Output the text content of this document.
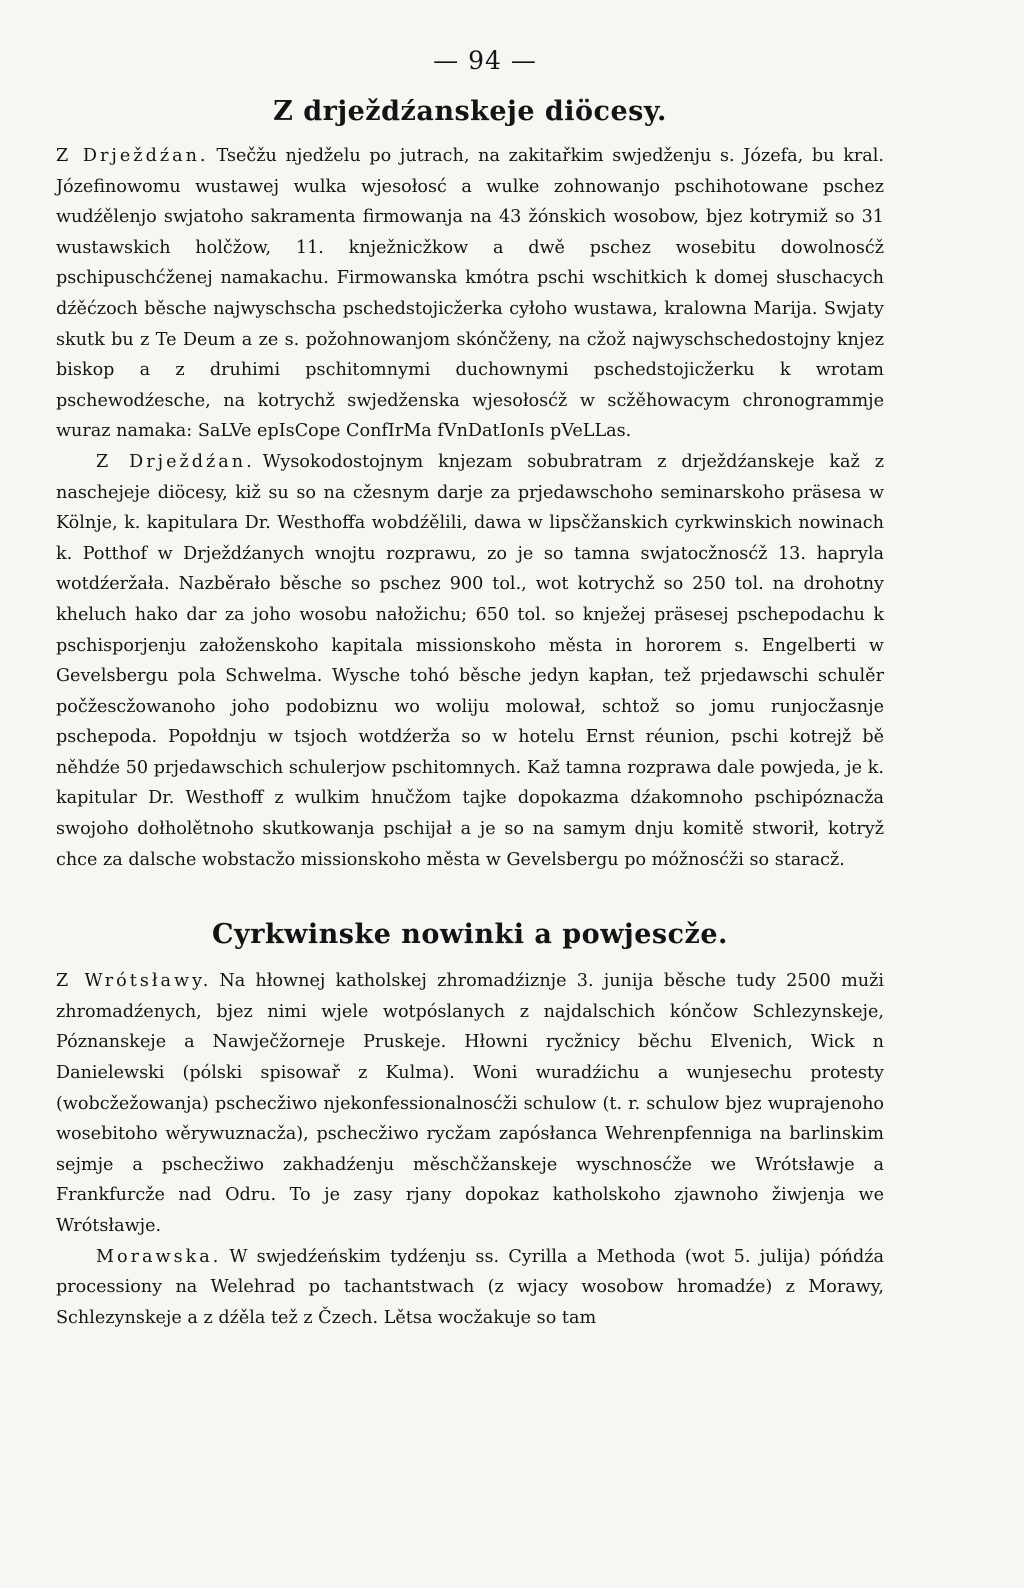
— 94 —
Z drježdźanskeje diöcesy.

Z Drježdźan. Tsečžu njedželu po jutrach, na zakitařkim swjedženju s. Józefa, bu kral. Józefinowomu wustawej wulka wjesołosć a wulke zohnowanjo pschihotowane pschez wudźělenjo swjatoho sakramenta firmowanja na 43 žónskich wosobow, bjez kotrymiž so 31 wustawskich holčžow, 11. knježnicžkow a dwě pschez wosebitu dowolnosćž pschipuschćženej namakachu. Firmowanska kmótra pschi wschitkich k domej słuschacych dźěćzoch běsche najwyschscha pschedstojicžerka cyłoho wustawa, kralowna Marija. Swjaty skutk bu z Te Deum a ze s. požohnowanjom skónčženy, na cžož najwyschschedostojny knjez biskop a z druhimi pschitomnymi duchownymi pschedstojicžerku k wrotam pschewodźesche, na kotrychž swjedženska wjesołosćž w scžěhowacym chronogrammje wuraz namaka: SaLVe epIsCope ConfIrMa fVnDatIonIs pVeLLas.

Z Drježdźan. Wysokodostojnym knjezam sobubratram z drježdźanskeje kaž z naschejeje diöcesy, kiž su so na cžesnym darje za prjedawschoho seminarskoho präsesa w Kölnje, k. kapitulara Dr. Westhoffa wobdźělili, dawa w lipsčžanskich cyrkwinskich nowinach k. Potthof w Drježdźanych wnojtu rozprawu, zo je so tamna swjatocžnosćž 13. hapryla wotdźeržała. Nazběrało běsche so pschez 900 tol., wot kotrychž so 250 tol. na drohotny kheluch hako dar za joho wosobu nałožichu; 650 tol. so knježej präsesej pschepodachu k pschisporjenju załoženskoho kapitala missionskoho města in hororem s. Engelberti w Gevelsbergu pola Schwelma. Wysche tohó běsche jedyn kapłan, tež prjedawschi schulěr počžescžowanoho joho podobiznu wo woliju molował, schtož so jomu runjocžasnje pschepoda. Popołdnju w tsjoch wotdźerža so w hotelu Ernst réunion, pschi kotrejž bě něhdźe 50 prjedawschich schulerjow pschitomnych. Kaž tamna rozprawa dale powjeda, je k. kapitular Dr. Westhoff z wulkim hnučžom tajke dopokazma dźakomnoho pschipóznacža swojoho dołholětnoho skutkowanja pschijał a je so na samym dnju komitě stworił, kotryž chce za dalsche wobstacžo missionskoho města w Gevelsbergu po móžnosćži so staracž.

Cyrkwinske nowinki a powjescže.

Z Wrótsławy. Na hłownej katholskej zhromadźiznje 3. junija běsche tudy 2500 muži zhromadźenych, bjez nimi wjele wotpóslanych z najdalschich kónčow Schlezynskeje, Póznanskeje a Nawječžorneje Pruskeje. Hłowni rycžnicy běchu Elvenich, Wick n Danielewski (pólski spisowař z Kulma). Woni wuradźichu a wunjesechu protesty (wobcžežowanja) pschecžiwo njekonfessionalnosćži schulow (t. r. schulow bjez wuprajenoho wosebitoho wěrywuznacža), pschecžiwo rycžam zapósłanca Wehrenpfenniga na barlinskim sejmje a pschecžiwo zakhadźenju měschčžanskeje wyschnosćže we Wrótsławje a Frankfurcže nad Odru. To je zasy rjany dopokaz katholskoho zjawnoho žiwjenja we Wrótsławje.

Morawska. W swjedźeńskim tydźenju ss. Cyrilla a Methoda (wot 5. julija) póńdźa processiony na Welehrad po tachantstwach (z wjacy wosobow hromadźe) z Morawy, Schlezynskeje a z dźěla tež z Čzech. Lětsa wocžakuje so tam
